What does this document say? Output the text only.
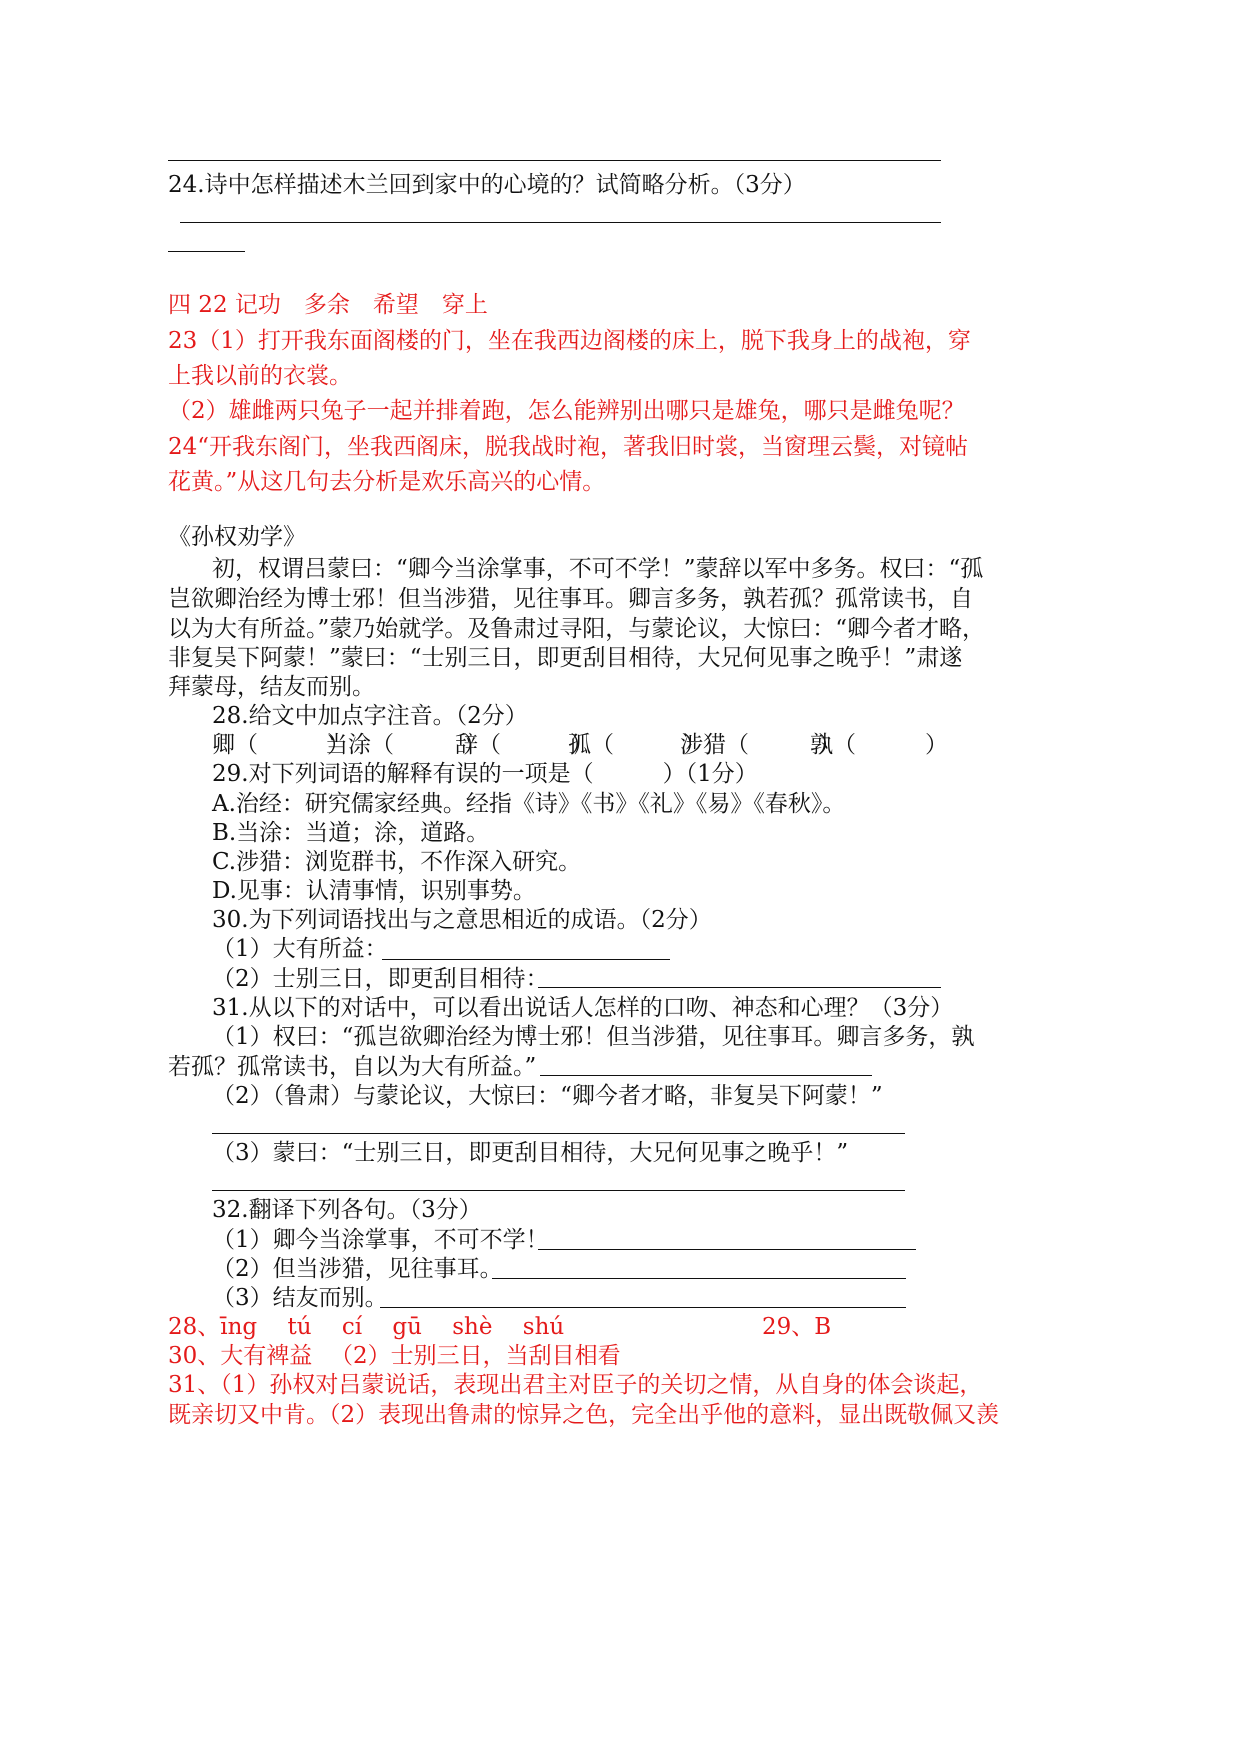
24.诗中怎样描述木兰回到家中的心境的？试简略分析。（3分）
四 22 记功　多余　希望　穿上
23（1）打开我东面阁楼的门，坐在我西边阁楼的床上，脱下我身上的战袍，穿
上我以前的衣裳。
（2）雄雌两只兔子一起并排着跑，怎么能辨别出哪只是雄兔，哪只是雌兔呢？
24“开我东阁门，坐我西阁床，脱我战时袍，著我旧时裳，当窗理云鬓，对镜帖
花黄。”从这几句去分析是欢乐高兴的心情。
《孙权劝学》
初，权谓吕蒙曰：“卿今当涂掌事，不可不学！”蒙辞以军中多务。权曰：“孤
岂欲卿治经为博士邪！但当涉猎，见往事耳。卿言多务，孰若孤？孤常读书，自
以为大有所益。”蒙乃始就学。及鲁肃过寻阳，与蒙论议，大惊曰：“卿今者才略，
非复吴下阿蒙！”蒙曰：“士别三日，即更刮目相待，大兄何见事之晚乎！”肃遂
拜蒙母，结友而别。
28.给文中加点字注音。（2分）
卿（　　　）
当涂（　　　）
辞（　　　）
孤（　　　）
涉猎（　　　）
孰（　　　）
29.对下列词语的解释有误的一项是（　　　）（1分）
A.治经：研究儒家经典。经指《诗》《书》《礼》《易》《春秋》。
B.当涂：当道；涂，道路。
C.涉猎：浏览群书，不作深入研究。
D.见事：认清事情，识别事势。
30.为下列词语找出与之意思相近的成语。（2分）
（1）大有所益：
（2）士别三日，即更刮目相待：
31.从以下的对话中，可以看出说话人怎样的口吻、神态和心理？（3分）
（1）权曰：“孤岂欲卿治经为博士邪！但当涉猎，见往事耳。卿言多务，孰
若孤？孤常读书，自以为大有所益。”
（2）（鲁肃）与蒙论议，大惊曰：“卿今者才略，非复吴下阿蒙！”
（3）蒙曰：“士别三日，即更刮目相待，大兄何见事之晚乎！”
32.翻译下列各句。（3分）
（1）卿今当涂掌事，不可不学！
（2）但当涉猎，见往事耳。
（3）结友而别。
28、īng　 tú　 cí　 gū　 shè　 shú	29、B
30、大有裨益 （2）士别三日，当刮目相看
31、（1）孙权对吕蒙说话，表现出君主对臣子的关切之情，从自身的体会谈起，
既亲切又中肯。（2）表现出鲁肃的惊异之色，完全出乎他的意料，显出既敬佩又羡
